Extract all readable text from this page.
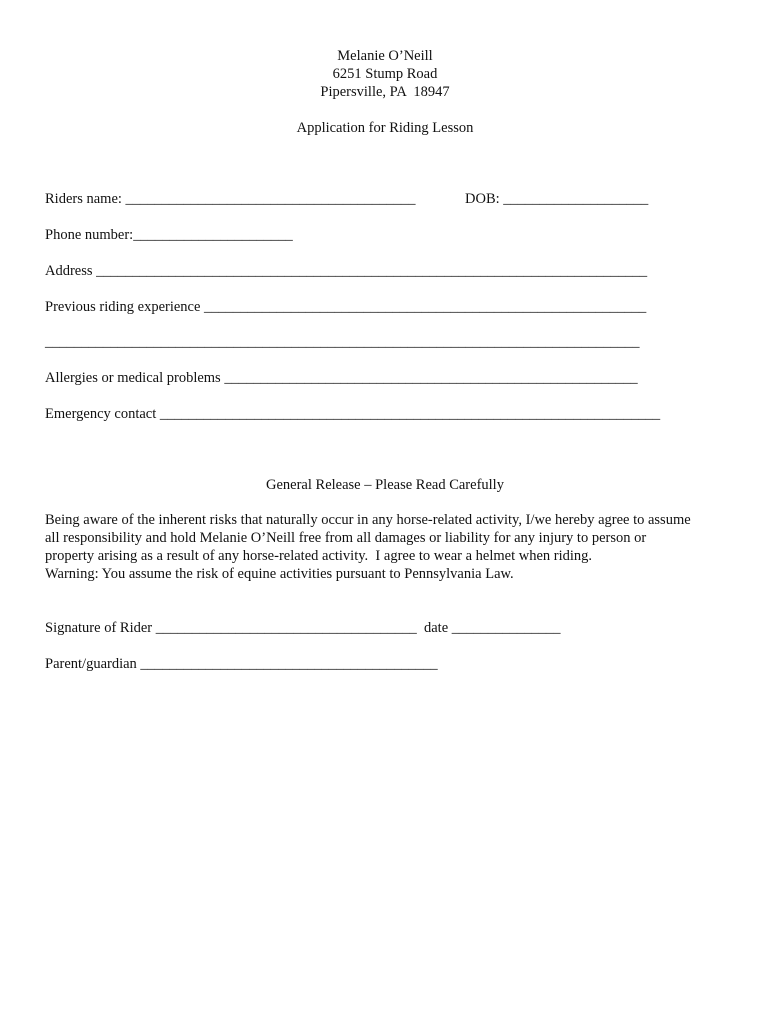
Melanie O’Neill
6251 Stump Road
Pipersville, PA  18947
Application for Riding Lesson
Riders name: ________________________________________	DOB: ____________________
Phone number:______________________
Address ____________________________________________________________________________
Previous riding experience _____________________________________________________________
__________________________________________________________________________________
Allergies or medical problems _________________________________________________________
Emergency contact _____________________________________________________________________
General Release – Please Read Carefully
Being aware of the inherent risks that naturally occur in any horse-related activity, I/we hereby agree to assume
all responsibility and hold Melanie O’Neill free from all damages or liability for any injury to person or
property arising as a result of any horse-related activity.  I agree to wear a helmet when riding.
Warning: You assume the risk of equine activities pursuant to Pennsylvania Law.
Signature of Rider ____________________________________  date _______________
Parent/guardian _________________________________________
